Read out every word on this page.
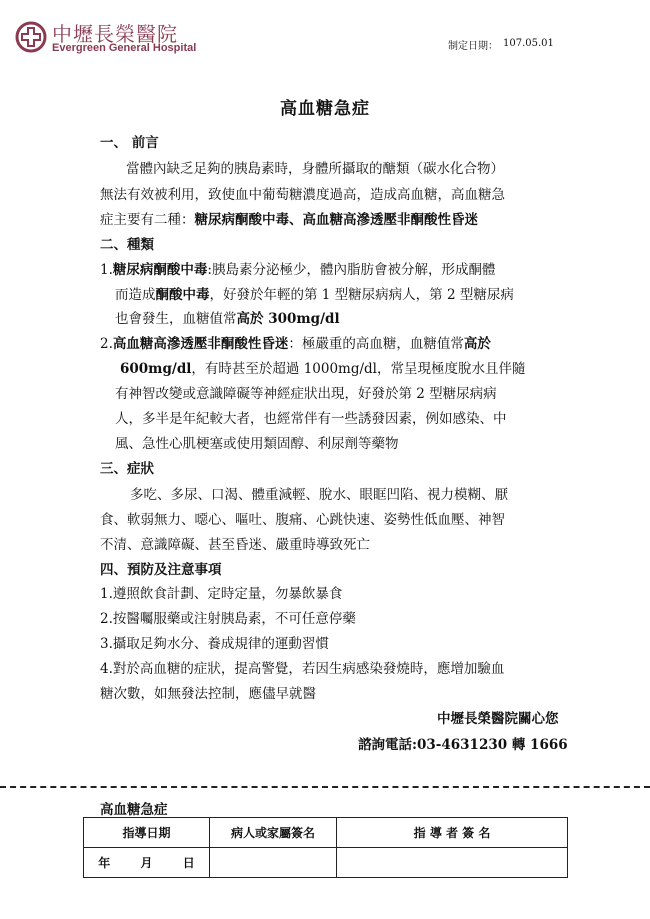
中壢長榮醫院
Evergreen General Hospital	制定日期： 107.05.01
高血糖急症
一、 前言
當體內缺乏足夠的胰島素時，身體所攝取的醣類（碳水化合物）
無法有效被利用，致使血中葡萄糖濃度過高，造成高血糖，高血糖急
症主要有二種：糖尿病酮酸中毒、高血糖高滲透壓非酮酸性昏迷
二、種類
1.糖尿病酮酸中毒:胰島素分泌極少，體內脂肪會被分解，形成酮體
而造成酮酸中毒，好發於年輕的第 1 型糖尿病病人，第 2 型糖尿病
也會發生，血糖值常高於 300mg/dl
2.高血糖高滲透壓非酮酸性昏迷：極嚴重的高血糖，血糖值常高於
600mg/dl，有時甚至於超過 1000mg/dl，常呈現極度脫水且伴隨
有神智改變或意識障礙等神經症狀出現，好發於第 2 型糖尿病病
人，多半是年紀較大者，也經常伴有一些誘發因素，例如感染、中
風、急性心肌梗塞或使用類固醇、利尿劑等藥物
三、症狀
多吃、多尿、口渴、體重減輕、脫水、眼眶凹陷、視力模糊、厭
食、軟弱無力、噁心、嘔吐、腹痛、心跳快速、姿勢性低血壓、神智
不清、意識障礙、甚至昏迷、嚴重時導致死亡
四、預防及注意事項
1.遵照飲食計劃、定時定量，勿暴飲暴食
2.按醫囑服藥或注射胰島素，不可任意停藥
3.攝取足夠水分、養成規律的運動習慣
4.對於高血糖的症狀，提高警覺，若因生病感染發燒時，應增加驗血
糖次數，如無發法控制，應儘早就醫
中壢長榮醫院關心您
諮詢電話:03-4631230 轉 1666
高血糖急症
指導日期	病人或家屬簽名	指 導 者 簽 名
年 月 日		
